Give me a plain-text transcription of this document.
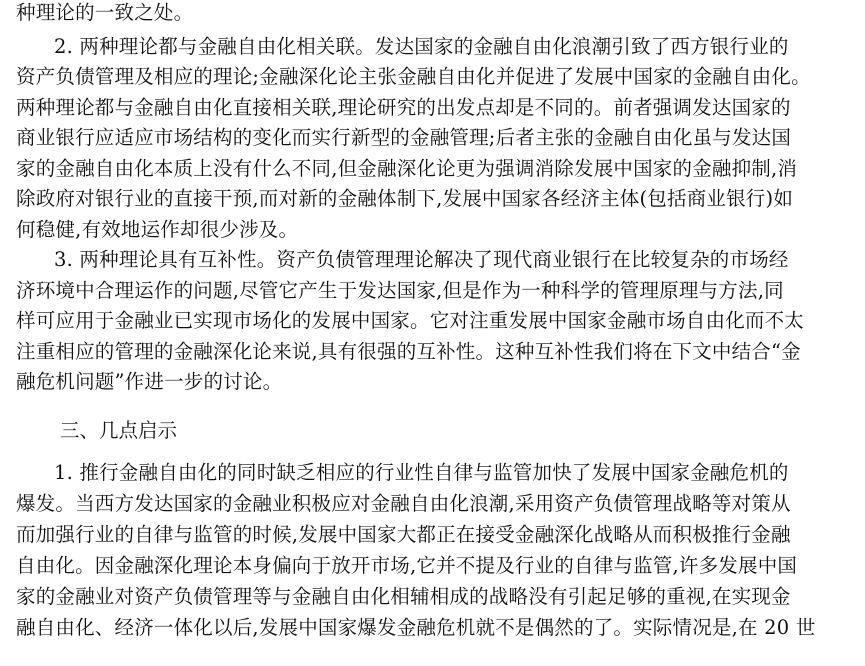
种理论的一致之处。
2. 两种理论都与金融自由化相关联。发达国家的金融自由化浪潮引致了西方银行业的
资产负债管理及相应的理论;金融深化论主张金融自由化并促进了发展中国家的金融自由化。
两种理论都与金融自由化直接相关联,理论研究的出发点却是不同的。前者强调发达国家的
商业银行应适应市场结构的变化而实行新型的金融管理;后者主张的金融自由化虽与发达国
家的金融自由化本质上没有什么不同,但金融深化论更为强调消除发展中国家的金融抑制,消
除政府对银行业的直接干预,而对新的金融体制下,发展中国家各经济主体(包括商业银行)如
何稳健,有效地运作却很少涉及。
3. 两种理论具有互补性。资产负债管理理论解决了现代商业银行在比较复杂的市场经
济环境中合理运作的问题,尽管它产生于发达国家,但是作为一种科学的管理原理与方法,同
样可应用于金融业已实现市场化的发展中国家。它对注重发展中国家金融市场自由化而不太
注重相应的管理的金融深化论来说,具有很强的互补性。这种互补性我们将在下文中结合“金
融危机问题”作进一步的讨论。
三、几点启示
1. 推行金融自由化的同时缺乏相应的行业性自律与监管加快了发展中国家金融危机的
爆发。当西方发达国家的金融业积极应对金融自由化浪潮,采用资产负债管理战略等对策从
而加强行业的自律与监管的时候,发展中国家大都正在接受金融深化战略从而积极推行金融
自由化。因金融深化理论本身偏向于放开市场,它并不提及行业的自律与监管,许多发展中国
家的金融业对资产负债管理等与金融自由化相辅相成的战略没有引起足够的重视,在实现金
融自由化、经济一体化以后,发展中国家爆发金融危机就不是偶然的了。实际情况是,在 20 世
